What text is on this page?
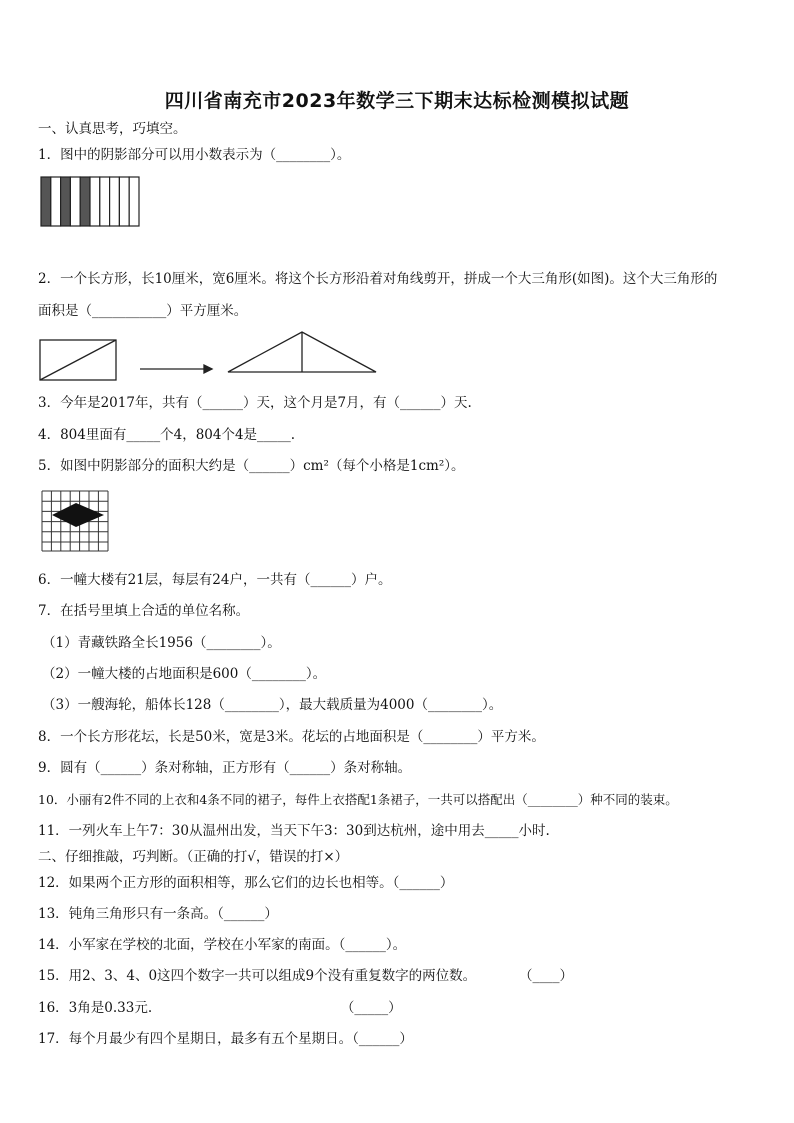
四川省南充市2023年数学三下期末达标检测模拟试题
一、认真思考，巧填空。
1．图中的阴影部分可以用小数表示为（________）。
2．一个长方形，长10厘米，宽6厘米。将这个长方形沿着对角线剪开，拼成一个大三角形(如图)。这个大三角形的
面积是（___________）平方厘米。
3．今年是2017年，共有（______）天，这个月是7月，有（______）天.
4．804里面有_____个4，804个4是_____.
5．如图中阴影部分的面积大约是（______）cm²（每个小格是1cm²）。
6．一幢大楼有21层，每层有24户，一共有（______）户。
7．在括号里填上合适的单位名称。
（1）青藏铁路全长1956（________）。
（2）一幢大楼的占地面积是600（________）。
（3）一艘海轮，船体长128（________），最大载质量为4000（________）。
8．一个长方形花坛，长是50米，宽是3米。花坛的占地面积是（________）平方米。
9．圆有（______）条对称轴，正方形有（______）条对称轴。
10．小丽有2件不同的上衣和4条不同的裙子，每件上衣搭配1条裙子，一共可以搭配出（________）种不同的装束。
11．一列火车上午7：30从温州出发，当天下午3：30到达杭州，途中用去_____小时.
二、仔细推敲，巧判断。（正确的打√，错误的打×）
12．如果两个正方形的面积相等，那么它们的边长也相等。（______）
13．钝角三角形只有一条高。（______）
14．小军家在学校的北面，学校在小军家的南面。（______）。
15．用2、3、4、0这四个数字一共可以组成9个没有重复数字的两位数。          （____）
16．3角是0.33元.                                            （_____）
17．每个月最少有四个星期日，最多有五个星期日。（______）
